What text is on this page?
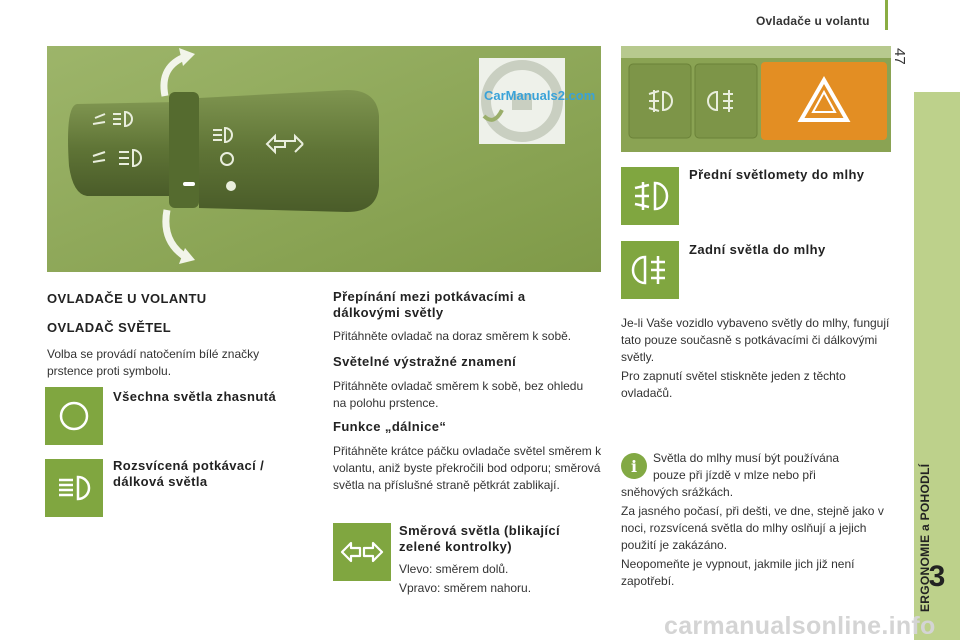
Ovladače u volantu
47
ERGONOMIE a POHODLÍ
3
CarManuals2.com
OVLADAČE U VOLANTU
OVLADAČ SVĚTEL

Volba se provádí natočením bílé značky prstence proti symbolu.

Všechna světla zhasnutá
Rozsvícená potkávací / dálková světla
Přepínání mezi potkávacími a dálkovými světly

Přitáhněte ovladač na doraz směrem k sobě.

Světelné výstražné znamení

Přitáhněte ovladač směrem k sobě, bez ohledu na polohu prstence.

Funkce „dálnice“

Přitáhněte krátce páčku ovladače světel směrem k volantu, aniž byste překročili bod odporu; směrová světla na příslušné straně pětkrát zablikají.

Směrová světla (blikající zelené kontrolky)

Vlevo: směrem dolů.

Vpravo: směrem nahoru.

Přední světlomety do mlhy
Zadní světla do mlhy

Je-li Vaše vozidlo vybaveno světly do mlhy, fungují tato pouze současně s potkávacími či dálkovými světly.

Pro zapnutí světel stiskněte jeden z těchto ovladačů.

i Světla do mlhy musí být používána

pouze při jízdě v mlze nebo při

sněhových srážkách.

Za jasného počasí, při dešti, ve dne, stejně jako v noci, rozsvícená světla do mlhy oslňují a jejich použití je zakázáno.

Neopomeňte je vypnout, jakmile jich již není zapotřebí.

carmanualsonline.info
